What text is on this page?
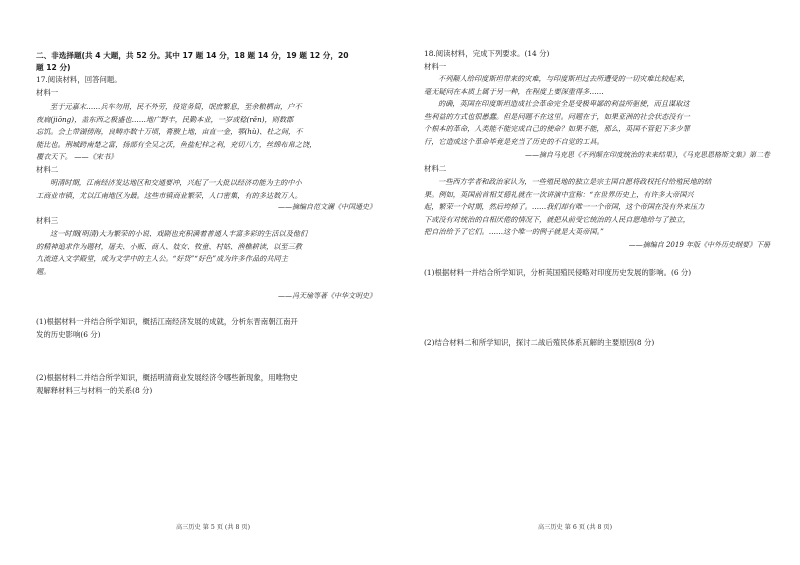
二、非选择题(共 4 大题，共 52 分。其中 17 题 14 分，18 题 14 分，19 题 12 分，20
题 12 分)
17.阅读材料，回答问题。
材料一
至于元嘉末……兵车勿用，民不外劳，役宽务简，氓庶繁息，至余粮栖亩，户不
夜扃(jiōng)，盖东西之极盛也……地广野丰，民勤本业，一岁或稔(rěn)，则数郡
忘饥。会上带湖傍海，良畴亦数十万顷，膏腴上地，亩直一金，鄠(hù)、杜之间，不
能比也。荆城跨南楚之富，扬部有全吴之沃，鱼盐杞梓之利，充切八方，丝绵布帛之饶，
覆衣天下。 ——《宋书》
材料二
明清时期，江南经济发达地区和交通要冲，兴起了一大批以经济功能为主的中小
工商业市镇，尤以江南地区为最。这些市镇商业繁荣，人口密集，有的多达数万人。
——摘编自范文澜《中国通史》
材料三
这一时期(明清)大为繁荣的小说、戏剧也充积满着普通人丰富多彩的生活以及他们
的精神追求作为题材，屠夫、小贩、商人、妓女、牧童、村姑、渔樵耕读，以至三教
九流进入文学殿堂，成为文学中的主人公。“好货”“好色”成为许多作品的共同主
题。
——冯天瑜等著《中华文明史》
(1)根据材料一并结合所学知识，概括江南经济发展的成就，分析东晋南朝江南开
发的历史影响(6 分)
(2)根据材料二并结合所学知识，概括明清商业发展经济令哪些新现象，用唯物史
观解释材料三与材料一的关系(8 分)
高三历史 第 5 页 (共 8 页)
18.阅读材料，完成下列要求。(14 分)
材料一
不列颠人给印度斯坦带来的灾难，与印度斯坦过去所遭受的一切灾难比较起来，
毫无疑问在本质上属于另一种，在程度上要深重得多……
的确，英国在印度斯坦造成社会革命完全是受极卑鄙的利益所驱使，而且谋取这
些利益的方式也很愚蠢。但是问题不在这里。问题在于，如果亚洲的社会状态没有一
个根本的革命，人类能不能完成自己的使命？如果不能，那么，英国不管犯下多少罪
行，它造成这个革命毕竟是充当了历史的不自觉的工具。
——摘自马克思《不列颠在印度统治的未来结果》，《马克思恩格斯文集》第二卷
材料二
一些西方学者和政治家认为，一些殖民地的独立是宗主国自愿将政权托付给殖民地的结
果。例如，英国前首相艾德礼就在一次讲演中宣称：“在世界历史上，有许多大帝国兴
起，繁荣一个时期，然后垮掉了。……我们却有唯一一个帝国，这个帝国在没有外来压力
下或没有对统治的自相厌倦的情况下，就把从前受它统治的人民自愿地给与了独立，
把自治给予了它们。……这个唯一的例子就是大英帝国。”
——摘编自 2019 年版《中外历史纲要》下册
(1)根据材料一并结合所学知识，分析英国殖民侵略对印度历史发展的影响。(6 分)
(2)结合材料二和所学知识，探讨二战后殖民体系瓦解的主要原因(8 分)
高三历史 第 6 页 (共 8 页)
